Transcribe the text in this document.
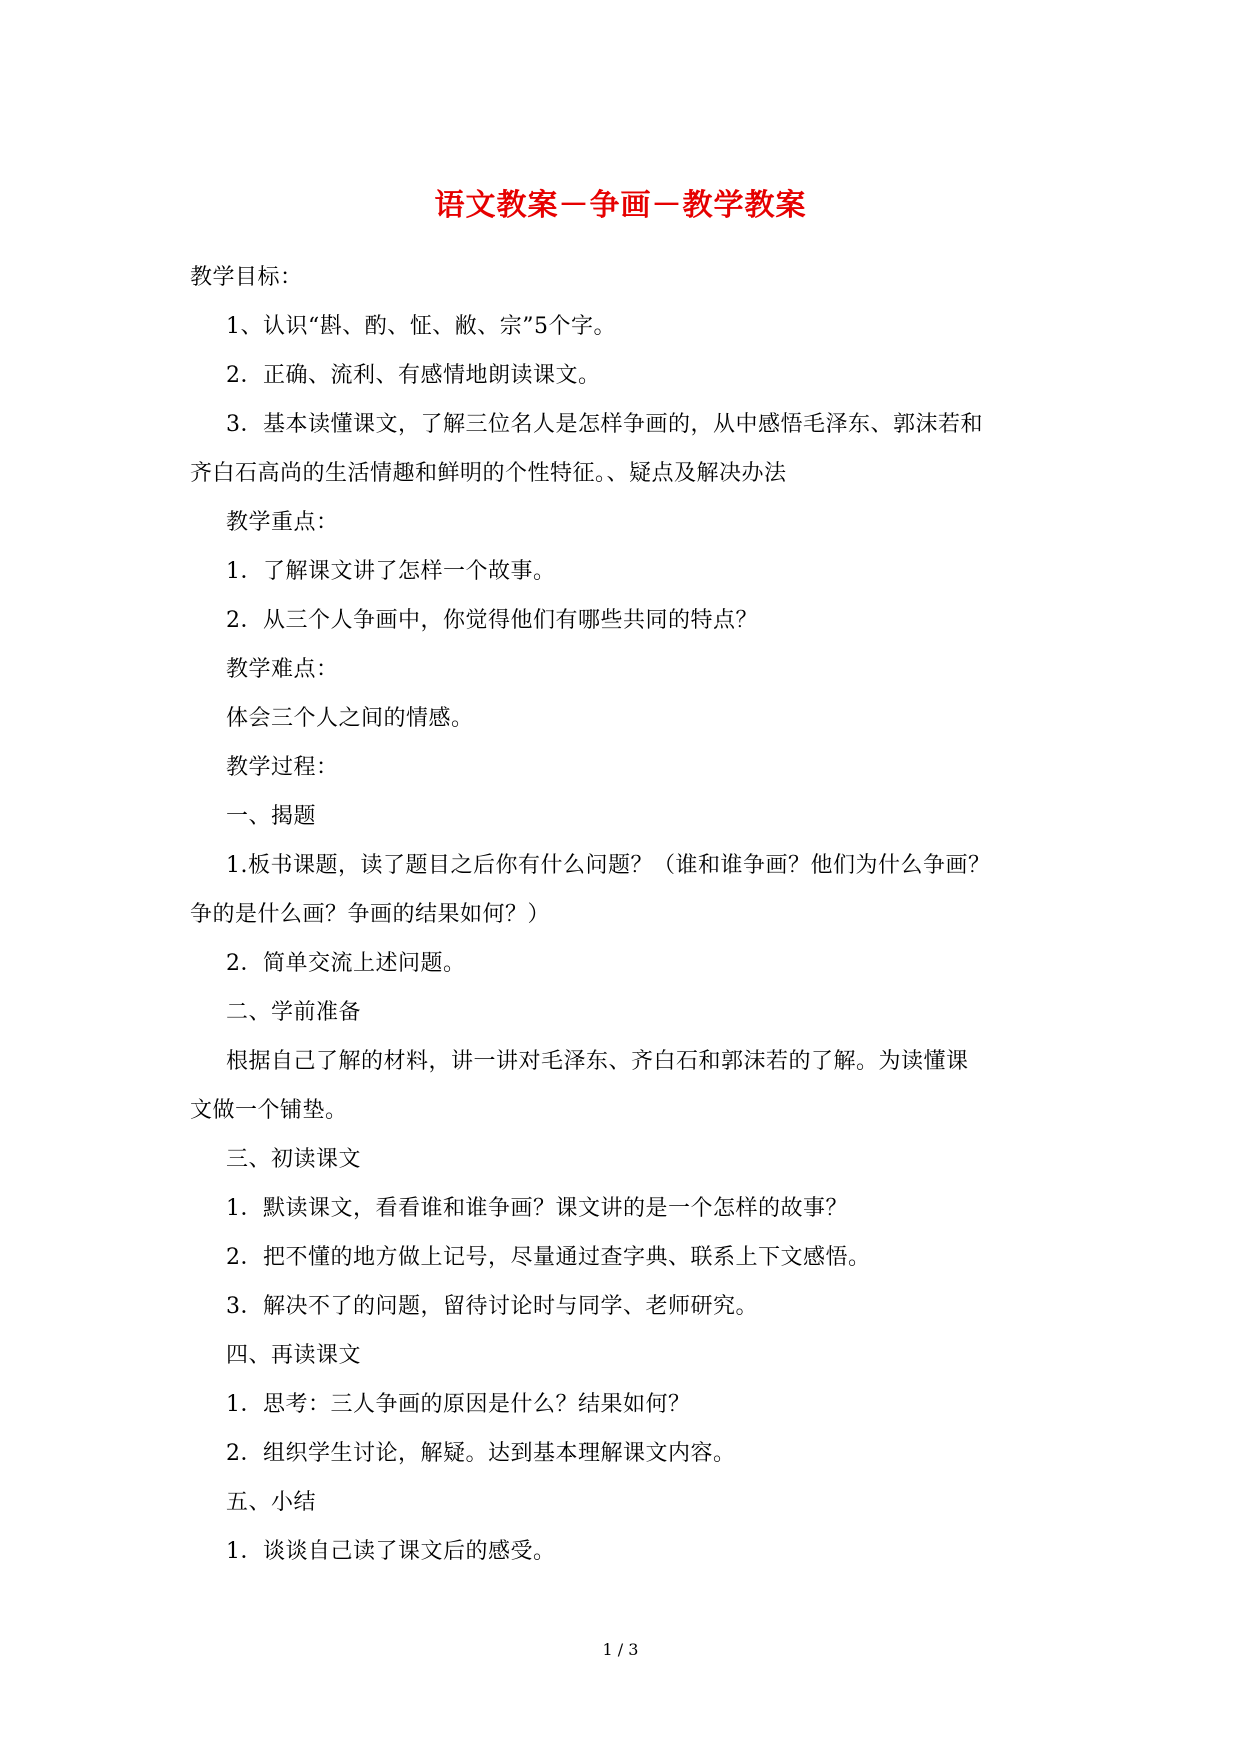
语文教案－争画－教学教案
教学目标：
1、认识“斟、酌、怔、敝、宗”5个字。
2．正确、流利、有感情地朗读课文。
3．基本读懂课文，了解三位名人是怎样争画的，从中感悟毛泽东、郭沫若和
齐白石高尚的生活情趣和鲜明的个性特征。、疑点及解决办法
教学重点：
1．了解课文讲了怎样一个故事。
2．从三个人争画中，你觉得他们有哪些共同的特点？
教学难点：
体会三个人之间的情感。
教学过程：
一、揭题
1.板书课题，读了题目之后你有什么问题？（谁和谁争画？他们为什么争画？
争的是什么画？争画的结果如何？）
2．简单交流上述问题。
二、学前准备
根据自己了解的材料，讲一讲对毛泽东、齐白石和郭沫若的了解。为读懂课
文做一个铺垫。
三、初读课文
1．默读课文，看看谁和谁争画？课文讲的是一个怎样的故事？
2．把不懂的地方做上记号，尽量通过查字典、联系上下文感悟。
3．解决不了的问题，留待讨论时与同学、老师研究。
四、再读课文
1．思考：三人争画的原因是什么？结果如何？
2．组织学生讨论，解疑。达到基本理解课文内容。
五、小结
1．谈谈自己读了课文后的感受。
1 / 3
